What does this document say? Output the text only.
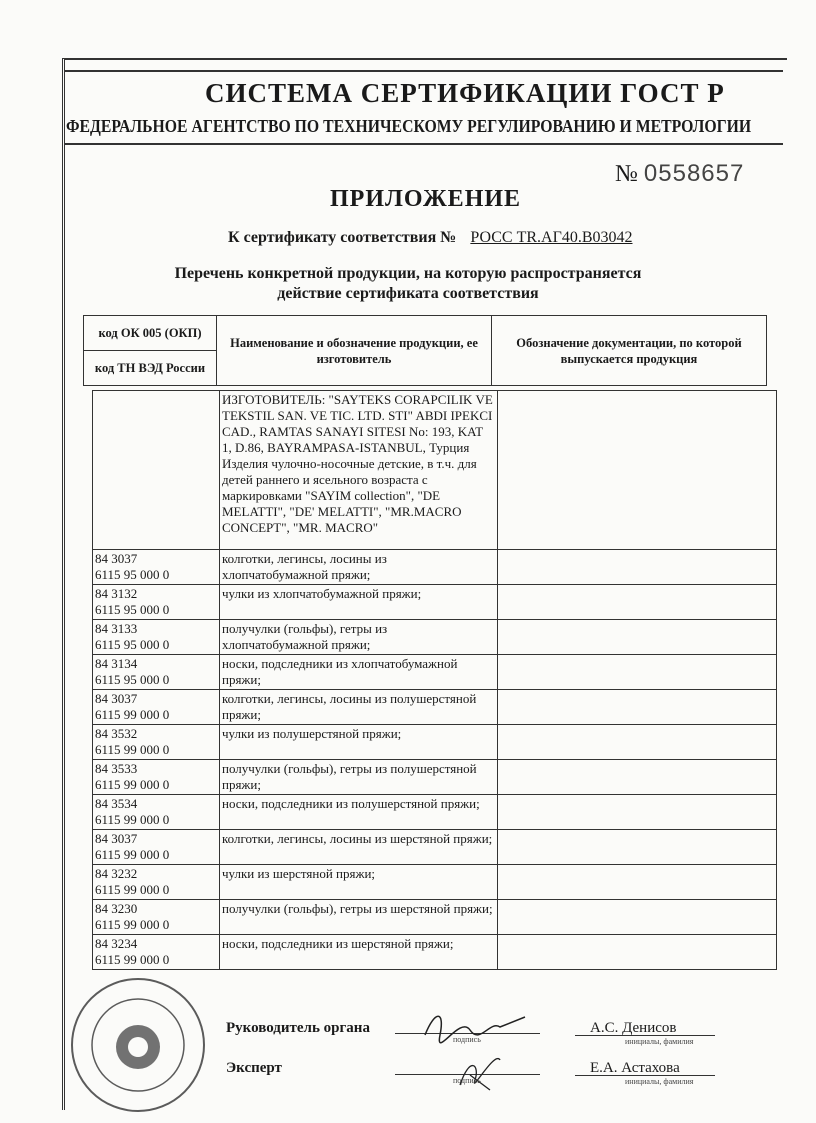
СИСТЕМА СЕРТИФИКАЦИИ ГОСТ Р
ФЕДЕРАЛЬНОЕ АГЕНТСТВО ПО ТЕХНИЧЕСКОМУ РЕГУЛИРОВАНИЮ И МЕТРОЛОГИИ
№ 0558657
ПРИЛОЖЕНИЕ
К сертификату соответствия № РОСС TR.АГ40.В03042
Перечень конкретной продукции, на которую распространяется
действие сертификата соответствия
код ОК 005 (ОКП)	Наименование и обозначение продукции, ее изготовитель	Обозначение документации, по которой выпускается продукция
код ТН ВЭД России
	ИЗГОТОВИТЕЛЬ: "SAYTEKS CORAPCILIK VE TEKSTIL SAN. VE TIC. LTD. STI" ABDI IPEKCI CAD., RAMTAS SANAYI SITESI No: 193, KAT 1, D.86, BAYRAMPASA-ISTANBUL, Турция Изделия чулочно-носочные детские, в т.ч. для детей раннего и ясельного возраста с маркировками "SAYIM collection", "DE MELATTI", "DE' MELATTI", "MR.MACRO CONCEPT", "MR. MACRO"	

84 3037
6115 95 000 0	колготки, легинсы, лосины из хлопчатобумажной пряжи;	

84 3132
6115 95 000 0	чулки из хлопчатобумажной пряжи;	

84 3133
6115 95 000 0	получулки (гольфы), гетры из хлопчатобумажной пряжи;	

84 3134
6115 95 000 0	носки, подследники из хлопчатобумажной пряжи;	

84 3037
6115 99 000 0	колготки, легинсы, лосины из полушерстяной пряжи;	

84 3532
6115 99 000 0	чулки из полушерстяной пряжи;	

84 3533
6115 99 000 0	получулки (гольфы), гетры из полушерстяной пряжи;	

84 3534
6115 99 000 0	носки, подследники из полушерстяной пряжи;	

84 3037
6115 99 000 0	колготки, легинсы, лосины из шерстяной пряжи;	

84 3232
6115 99 000 0	чулки из шерстяной пряжи;	

84 3230
6115 99 000 0	получулки (гольфы), гетры из шерстяной пряжи;	

84 3234
6115 99 000 0	носки, подследники из шерстяной пряжи;	
Руководитель органа
подпись
А.С. Денисов
инициалы, фамилия
Эксперт
подпись
Е.А. Астахова
инициалы, фамилия
